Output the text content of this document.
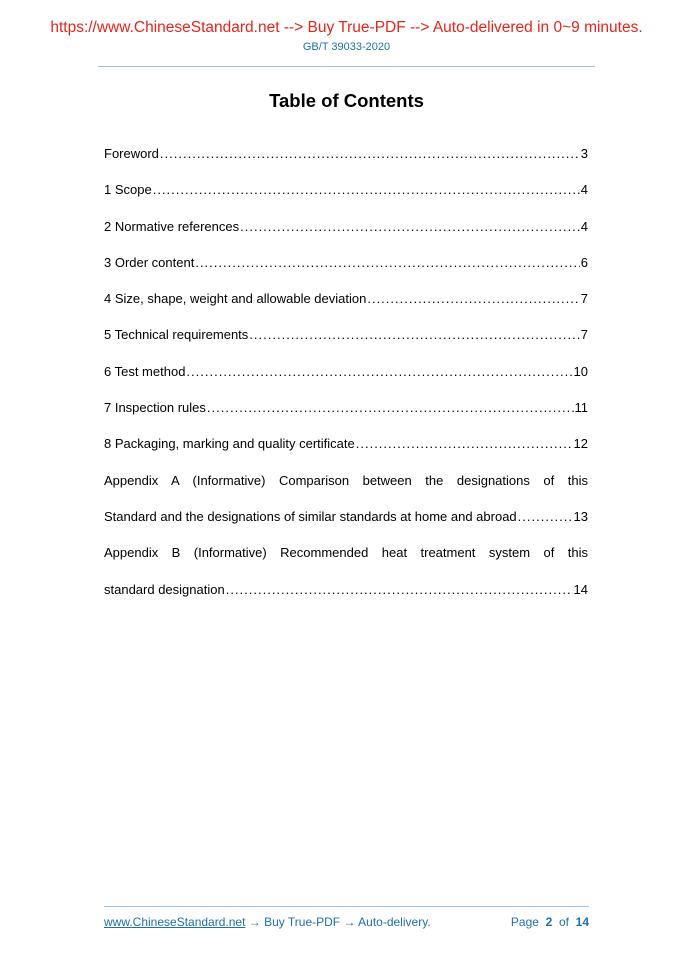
https://www.ChineseStandard.net --> Buy True-PDF --> Auto-delivered in 0~9 minutes.
GB/T 39033-2020
Table of Contents
Foreword .....	3
1 Scope .....	4
2 Normative references .....	4
3 Order content .....	6
4 Size, shape, weight and allowable deviation .....	7
5 Technical requirements .....	7
6 Test method .....	10
7 Inspection rules .....	11
8 Packaging, marking and quality certificate .....	12
Appendix A (Informative) Comparison between the designations of this
Standard and the designations of similar standards at home and abroad .....	13
Appendix B (Informative) Recommended heat treatment system of this
standard designation .....	14
www.ChineseStandard.net → Buy True-PDF → Auto-delivery.	Page 2 of 14
